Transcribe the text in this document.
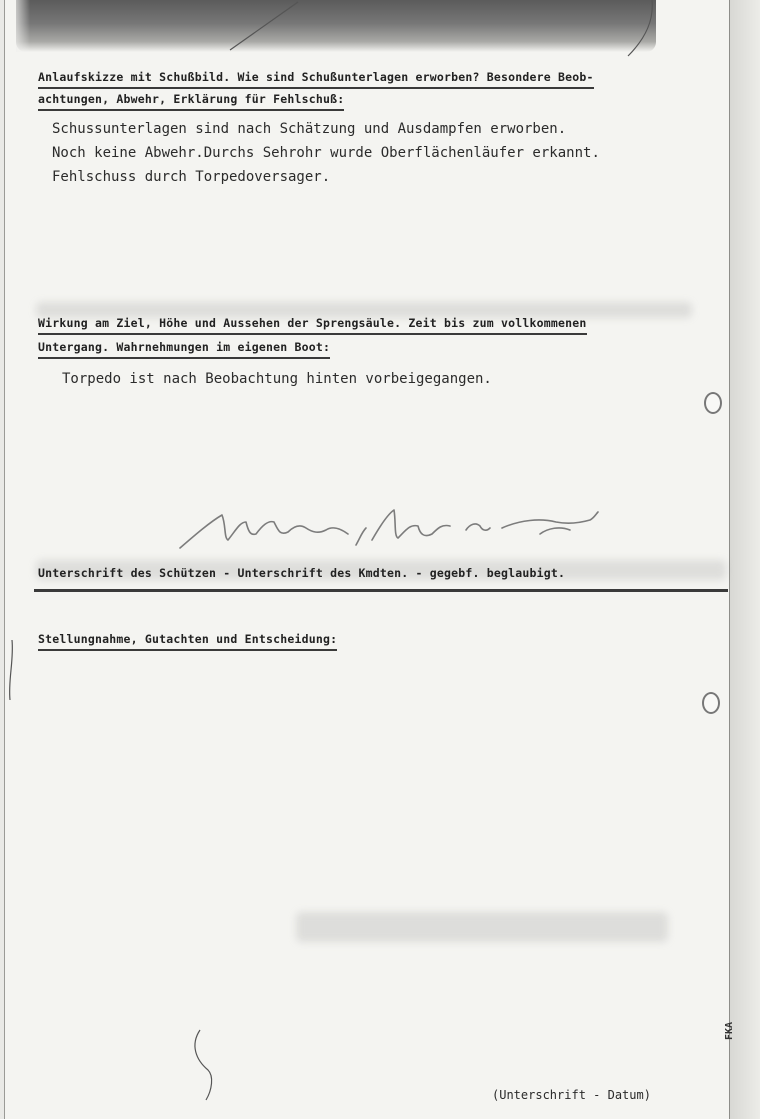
Anlaufskizze mit Schußbild. Wie sind Schußunterlagen erworben? Besondere Beob-
achtungen, Abwehr, Erklärung für Fehlschuß:
Schussunterlagen sind nach Schätzung und Ausdampfen erworben.
Noch keine Abwehr.Durchs Sehrohr wurde Oberflächenläufer erkannt.
Fehlschuss durch Torpedoversager.
Wirkung am Ziel, Höhe und Aussehen der Sprengsäule. Zeit bis zum vollkommenen
Untergang. Wahrnehmungen im eigenen Boot:
Torpedo ist nach Beobachtung hinten vorbeigegangen.
Unterschrift des Schützen - Unterschrift des Kmdten. - gegebf. beglaubigt.
Stellungnahme, Gutachten und Entscheidung:
(Unterschrift - Datum)
FKA
